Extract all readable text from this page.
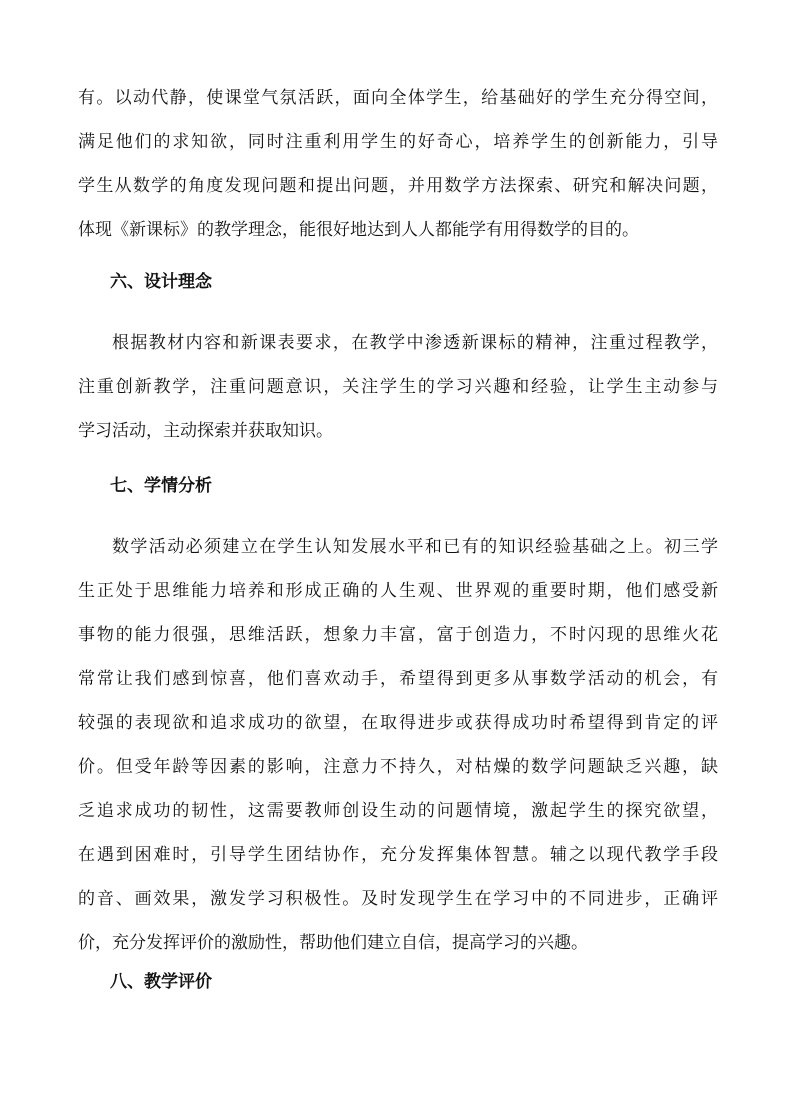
有。以动代静，使课堂气氛活跃，面向全体学生，给基础好的学生充分得空间，
满足他们的求知欲，同时注重利用学生的好奇心，培养学生的创新能力，引导
学生从数学的角度发现问题和提出问题，并用数学方法探索、研究和解决问题，
体现《新课标》的教学理念，能很好地达到人人都能学有用得数学的目的。
六、设计理念
根据教材内容和新课表要求，在教学中渗透新课标的精神，注重过程教学，
注重创新教学，注重问题意识，关注学生的学习兴趣和经验，让学生主动参与
学习活动，主动探索并获取知识。
七、学情分析
数学活动必须建立在学生认知发展水平和已有的知识经验基础之上。初三学
生正处于思维能力培养和形成正确的人生观、世界观的重要时期，他们感受新
事物的能力很强，思维活跃，想象力丰富，富于创造力，不时闪现的思维火花
常常让我们感到惊喜，他们喜欢动手，希望得到更多从事数学活动的机会，有
较强的表现欲和追求成功的欲望，在取得进步或获得成功时希望得到肯定的评
价。但受年龄等因素的影响，注意力不持久，对枯燥的数学问题缺乏兴趣，缺
乏追求成功的韧性，这需要教师创设生动的问题情境，激起学生的探究欲望，
在遇到困难时，引导学生团结协作，充分发挥集体智慧。辅之以现代教学手段
的音、画效果，激发学习积极性。及时发现学生在学习中的不同进步，正确评
价，充分发挥评价的激励性，帮助他们建立自信，提高学习的兴趣。
八、教学评价
